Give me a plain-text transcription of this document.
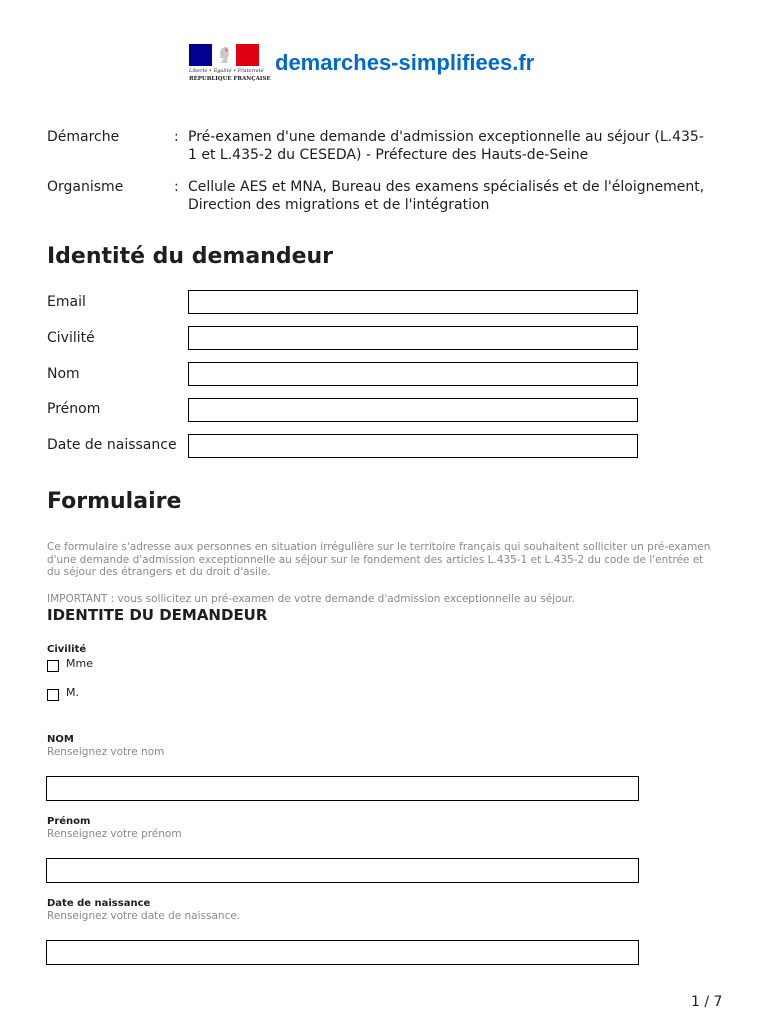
Liberté • Égalité • Fraternité
RÉPUBLIQUE FRANÇAISE
demarches-simplifiees.fr
Démarche	: Pré-examen d'une demande d'admission exceptionnelle au séjour (L.435-1 et L.435-2 du CESEDA) - Préfecture des Hauts-de-Seine
Organisme	: Cellule AES et MNA, Bureau des examens spécialisés et de l'éloignement, Direction des migrations et de l'intégration
Identité du demandeur
Email
Civilité
Nom
Prénom
Date de naissance
Formulaire
Ce formulaire s'adresse aux personnes en situation irrégulière sur le territoire français qui souhaitent solliciter un pré-examen d'une demande d'admission exceptionnelle au séjour sur le fondement des articles L.435-1 et L.435-2 du code de l'entrée et du séjour des étrangers et du droit d'asile.
IMPORTANT : vous sollicitez un pré-examen de votre demande d'admission exceptionnelle au séjour.
IDENTITE DU DEMANDEUR
Civilité
Mme
M.
NOM
Renseignez votre nom
Prénom
Renseignez votre prénom
Date de naissance
Renseignez votre date de naissance.
1 / 7
